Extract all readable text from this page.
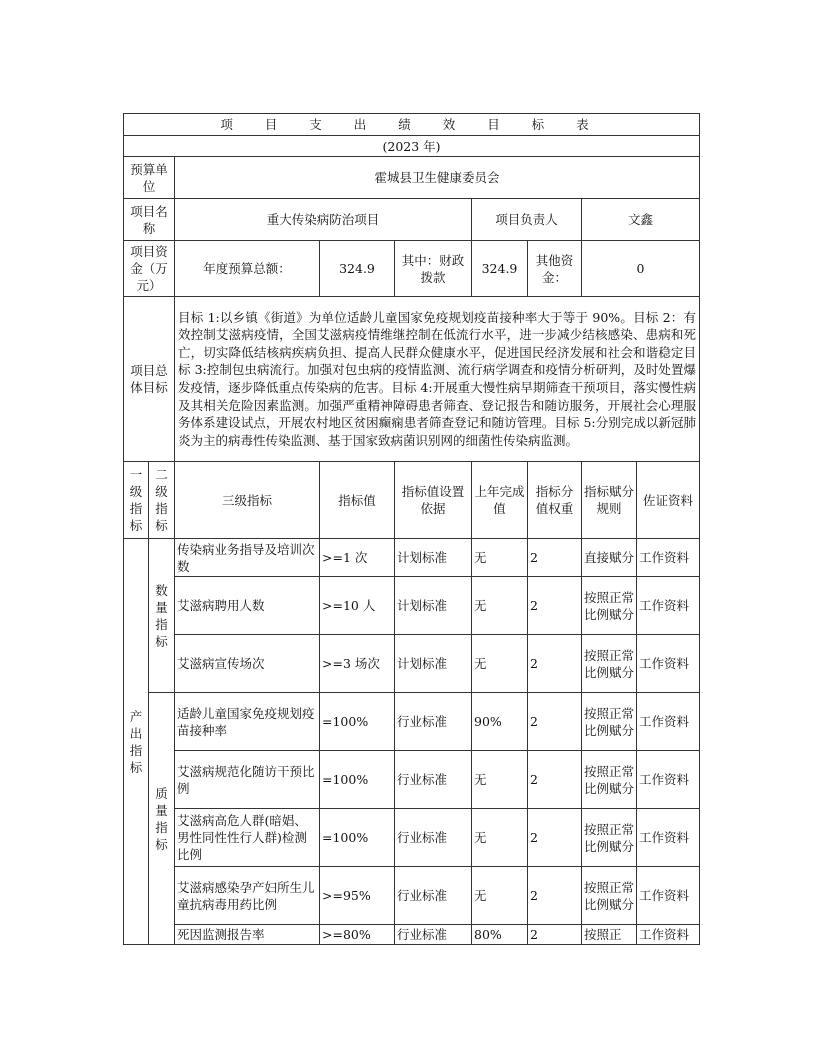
项 目 支 出 绩 效 目 标 表								
(2023 年)								
预算单位		霍城县卫生健康委员会						
项目名称		重大传染病防治项目			项目负责人		文鑫	
项目资金（万元）		年度预算总额：	324.9	其中：财政拨款	324.9	其他资金：	0	
项目总体目标		目标 1:以乡镇《街道》为单位适龄儿童国家免疫规划疫苗接种率大于等于 90%。目标 2：有效控制艾滋病疫情，全国艾滋病疫情维继控制在低流行水平，进一步减少结核感染、患病和死亡，切实降低结核病疾病负担、提高人民群众健康水平，促进国民经济发展和社会和谐稳定目标 3:控制包虫病流行。加强对包虫病的疫情监测、流行病学调查和疫情分析研判，及时处置爆发疫情，逐步降低重点传染病的危害。目标 4:开展重大慢性病早期筛查干预项目，落实慢性病及其相关危险因素监测。加强严重精神障碍患者筛查、登记报告和随访服务，开展社会心理服务体系建设试点，开展农村地区贫困癫痫患者筛查登记和随访管理。目标 5:分别完成以新冠肺炎为主的病毒性传染监测、基于国家致病菌识别网的细菌性传染病监测。						
一级指标	二级指标	三级指标	指标值	指标值设置依据	上年完成值	指标分值权重	指标赋分规则	佐证资料
产出指标	数量指标	传染病业务指导及培训次数	>=1 次	计划标准	无	2	直接赋分	工作资料
		艾滋病聘用人数	>=10 人	计划标准	无	2	按照正常比例赋分	工作资料
		艾滋病宣传场次	>=3 场次	计划标准	无	2	按照正常比例赋分	工作资料
	质量指标	适龄儿童国家免疫规划疫苗接种率	=100%	行业标准	90%	2	按照正常比例赋分	工作资料
		艾滋病规范化随访干预比例	=100%	行业标准	无	2	按照正常比例赋分	工作资料
		艾滋病高危人群(暗娼、男性同性性行人群)检测比例	=100%	行业标准	无	2	按照正常比例赋分	工作资料
		艾滋病感染孕产妇所生儿童抗病毒用药比例	>=95%	行业标准	无	2	按照正常比例赋分	工作资料
		死因监测报告率	>=80%	行业标准	80%	2	按照正	工作资料
